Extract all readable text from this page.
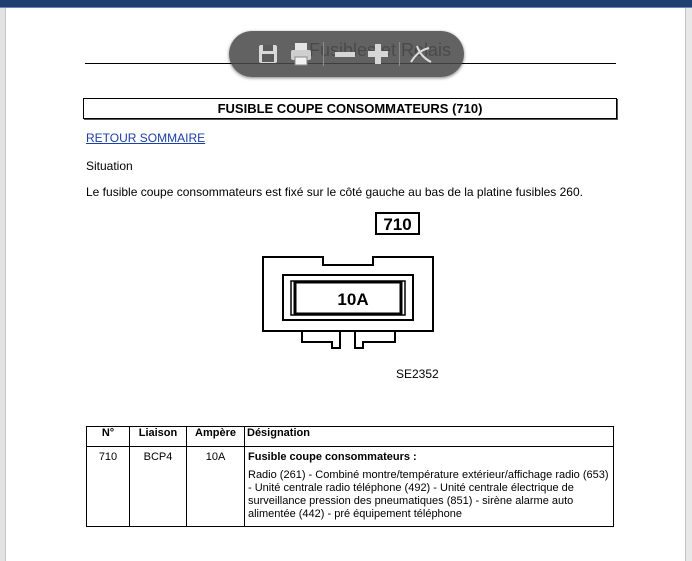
FUSIBLE COUPE CONSOMMATEURS (710)
RETOUR SOMMAIRE
Situation
Le fusible coupe consommateurs est fixé sur le côté gauche au bas de la platine fusibles 260.
710
10A
SE2352
N°	Liaison	Ampère	Désignation
710	BCP4	10A	Fusible coupe consommateurs :
Radio (261) - Combiné montre/température extérieur/affichage radio (653) - Unité centrale radio téléphone (492) - Unité centrale électrique de surveillance pression des pneumatiques (851) - sirène alarme auto alimentée (442) - pré équipement téléphone
